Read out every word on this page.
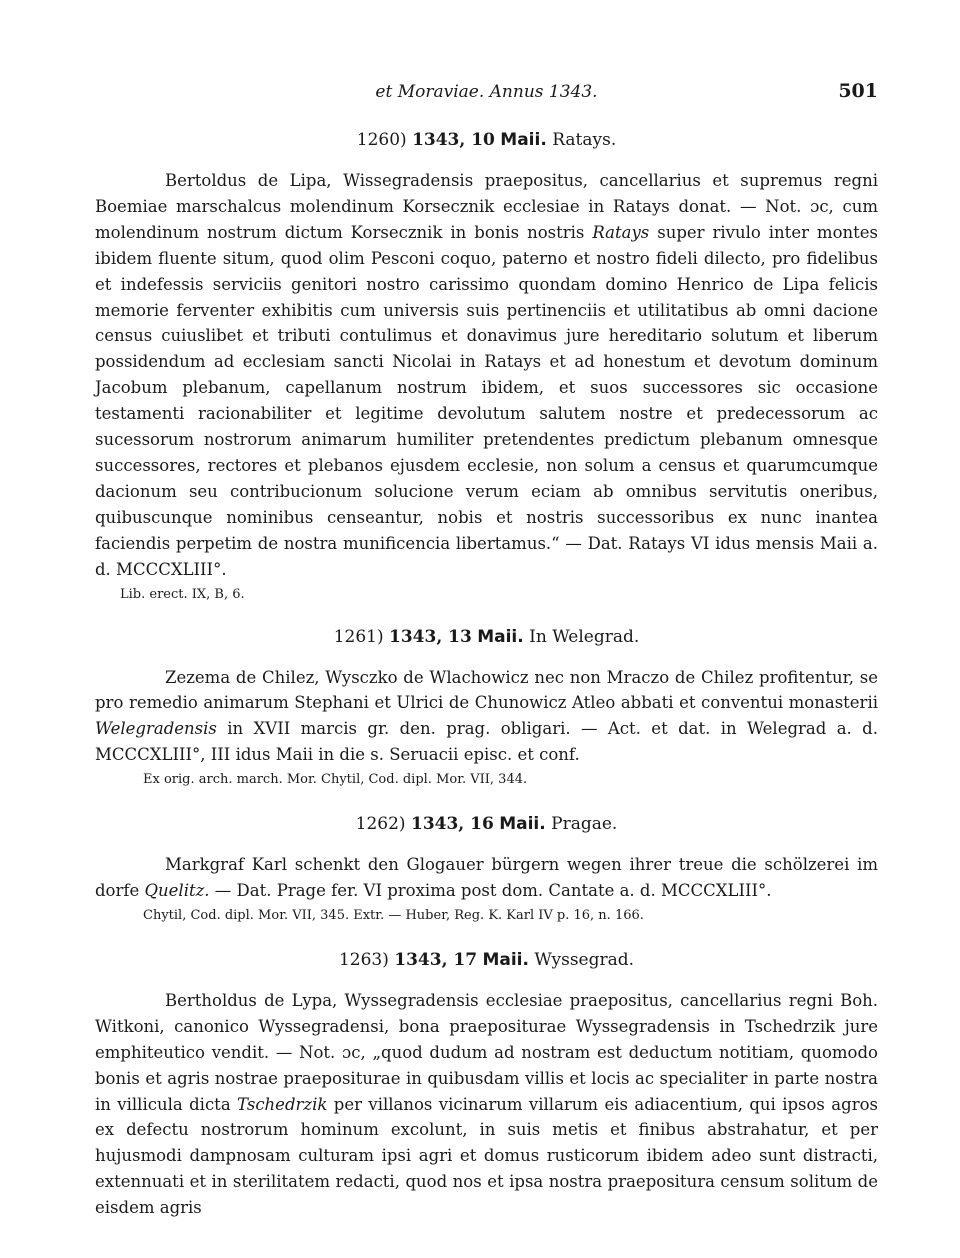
et Moraviae. Annus 1343.	501
1260) 1343, 10 Maii. Ratays.

Bertoldus de Lipa, Wissegradensis praepositus, cancellarius et supremus regni Boemiae marschalcus molendinum Korsecznik ecclesiae in Ratays donat. — Not. ɔc, cum molendinum nostrum dictum Korsecznik in bonis nostris Ratays super rivulo inter montes ibidem fluente situm, quod olim Pesconi coquo, paterno et nostro fideli dilecto, pro fidelibus et indefessis serviciis genitori nostro carissimo quondam domino Henrico de Lipa felicis memorie ferventer exhibitis cum universis suis pertinenciis et utilitatibus ab omni dacione census cuiuslibet et tributi contulimus et donavimus jure hereditario solutum et liberum possidendum ad ecclesiam sancti Nicolai in Ratays et ad honestum et devotum dominum Jacobum plebanum, capellanum nostrum ibidem, et suos successores sic occasione testamenti racionabiliter et legitime devolutum salutem nostre et predecessorum ac sucessorum nostrorum animarum humiliter pretendentes predictum plebanum omnesque successores, rectores et plebanos ejusdem ecclesie, non solum a census et quarumcumque dacionum seu contribucionum solucione verum eciam ab omnibus servitutis oneribus, quibuscunque nominibus censeantur, nobis et nostris successoribus ex nunc inantea faciendis perpetim de nostra munificencia libertamus.“ — Dat. Ratays VI idus mensis Maii a. d. MCCCXLIII°.

Lib. erect. IX, B, 6.
1261) 1343, 13 Maii. In Welegrad.

Zezema de Chilez, Wysczko de Wlachowicz nec non Mraczo de Chilez profitentur, se pro remedio animarum Stephani et Ulrici de Chunowicz Atleo abbati et conventui monasterii Welegradensis in XVII marcis gr. den. prag. obligari. — Act. et dat. in Welegrad a. d. MCCCXLIII°, III idus Maii in die s. Seruacii episc. et conf.

Ex orig. arch. march. Mor. Chytil, Cod. dipl. Mor. VII, 344.
1262) 1343, 16 Maii. Pragae.

Markgraf Karl schenkt den Glogauer bürgern wegen ihrer treue die schölzerei im dorfe Quelitz. — Dat. Prage fer. VI proxima post dom. Cantate a. d. MCCCXLIII°.

Chytil, Cod. dipl. Mor. VII, 345. Extr. — Huber, Reg. K. Karl IV p. 16, n. 166.
1263) 1343, 17 Maii. Wyssegrad.

Bertholdus de Lypa, Wyssegradensis ecclesiae praepositus, cancellarius regni Boh. Witkoni, canonico Wyssegradensi, bona praepositurae Wyssegradensis in Tschedrzik jure emphiteutico vendit. — Not. ɔc, „quod dudum ad nostram est deductum notitiam, quomodo bonis et agris nostrae praepositurae in quibusdam villis et locis ac specialiter in parte nostra in villicula dicta Tschedrzik per villanos vicinarum villarum eis adiacentium, qui ipsos agros ex defectu nostrorum hominum excolunt, in suis metis et finibus abstrahatur, et per hujusmodi dampnosam culturam ipsi agri et domus rusticorum ibidem adeo sunt distracti, extennuati et in sterilitatem redacti, quod nos et ipsa nostra praepositura censum solitum de eisdem agris
